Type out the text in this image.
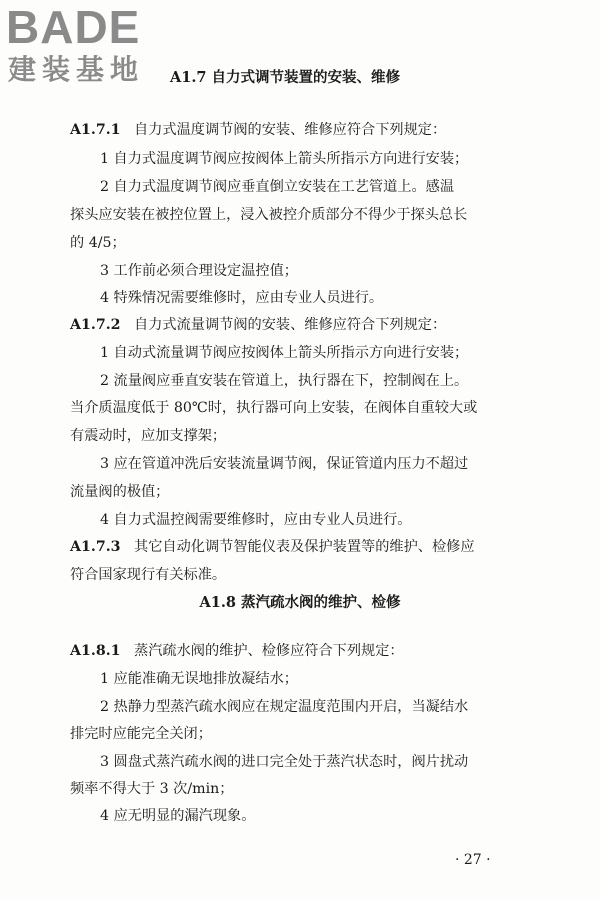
BADE
建装基地 A1.7 自力式调节装置的安装、维修
A1.7.1 自力式温度调节阀的安装、维修应符合下列规定：
1 自力式温度调节阀应按阀体上箭头所指示方向进行安装；
2 自力式温度调节阀应垂直倒立安装在工艺管道上。感温
探头应安装在被控位置上，浸入被控介质部分不得少于探头总长
的 4/5；
3 工作前必须合理设定温控值；
4 特殊情况需要维修时，应由专业人员进行。
A1.7.2 自力式流量调节阀的安装、维修应符合下列规定：
1 自动式流量调节阀应按阀体上箭头所指示方向进行安装；
2 流量阀应垂直安装在管道上，执行器在下，控制阀在上。
当介质温度低于 80℃时，执行器可向上安装，在阀体自重较大或
有震动时，应加支撑架；
3 应在管道冲洗后安装流量调节阀，保证管道内压力不超过
流量阀的极值；
4 自力式温控阀需要维修时，应由专业人员进行。
A1.7.3 其它自动化调节智能仪表及保护装置等的维护、检修应
符合国家现行有关标准。
A1.8 蒸汽疏水阀的维护、检修
A1.8.1 蒸汽疏水阀的维护、检修应符合下列规定：
1 应能准确无误地排放凝结水；
2 热静力型蒸汽疏水阀应在规定温度范围内开启，当凝结水
排完时应能完全关闭；
3 圆盘式蒸汽疏水阀的进口完全处于蒸汽状态时，阀片扰动
频率不得大于 3 次/min；
4 应无明显的漏汽现象。
· 27 ·
